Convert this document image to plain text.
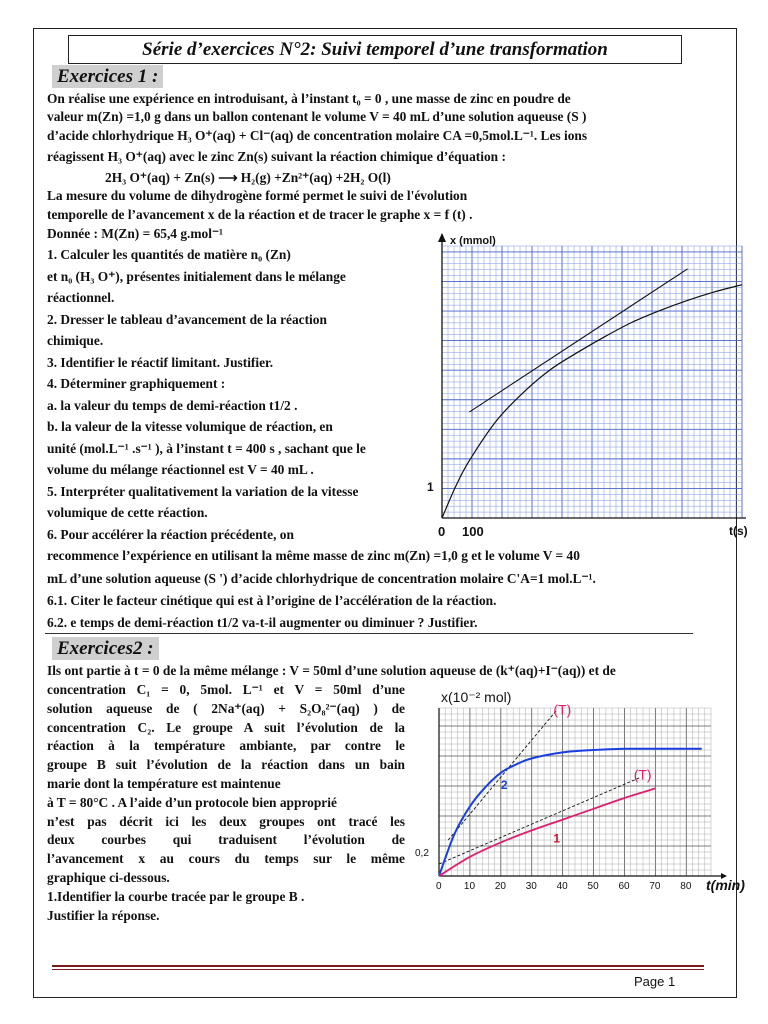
Série d’exercices N°2: Suivi temporel d’une transformation
Exercices 1 :
On réalise une expérience en introduisant, à l’instant t₀ = 0 , une masse de zinc en poudre de
valeur m(Zn) =1,0 g dans un ballon contenant le volume V = 40 mL d’une solution aqueuse (S )
d’acide chlorhydrique H₃ O⁺(aq) + Cl⁻(aq) de concentration molaire CA =0,5mol.L⁻¹. Les ions
réagissent H₃ O⁺(aq) avec le zinc Zn(s) suivant la réaction chimique d’équation :
2H₃ O⁺(aq) + Zn(s) ⟶ H₂(g) +Zn²⁺(aq) +2H₂ O(l)
La mesure du volume de dihydrogène formé permet le suivi de l'évolution
temporelle de l’avancement x de la réaction et de tracer le graphe x = f (t) .
Donnée : M(Zn) = 65,4 g.mol⁻¹
1. Calculer les quantités de matière n₀ (Zn)
et n₀ (H₃ O⁺), présentes initialement dans le mélange
réactionnel.
2. Dresser le tableau d’avancement de la réaction
chimique.
3. Identifier le réactif limitant. Justifier.
4. Déterminer graphiquement :
a. la valeur du temps de demi-réaction t1/2 .
b. la valeur de la vitesse volumique de réaction, en
unité (mol.L⁻¹ .s⁻¹ ), à l’instant t = 400 s , sachant que le
volume du mélange réactionnel est V = 40 mL .
5. Interpréter qualitativement la variation de la vitesse
volumique de cette réaction.
6. Pour accélérer la réaction précédente, on
recommence l’expérience en utilisant la même masse de zinc m(Zn) =1,0 g et le volume V = 40
mL d’une solution aqueuse (S ') d’acide chlorhydrique de concentration molaire C'A=1 mol.L⁻¹.
6.1. Citer le facteur cinétique qui est à l’origine de l’accélération de la réaction.
6.2. e temps de demi-réaction t1/2 va-t-il augmenter ou diminuer ? Justifier.
x (mmol)
t(s)
0 100
1
Exercices2 :
Ils ont partie à t = 0 de la même mélange : V = 50ml d’une solution aqueuse de (k⁺(aq)+I⁻(aq)) et de
concentration C₁ = 0, 5mol. L⁻¹ et V = 50ml d’une
solution aqueuse de ( 2Na⁺(aq) + S₂O₈²⁻(aq) ) de
concentration C₂. Le groupe A suit l’évolution de la
réaction à la température ambiante, par contre le
groupe B suit l’évolution de la réaction dans un bain
marie dont la température est maintenue
à T = 80°C . A l’aide d’un protocole bien approprié
n’est pas décrit ici les deux groupes ont tracé les
deux courbes qui traduisent l’évolution de
l’avancement x au cours du temps sur le même
graphique ci-dessous.
1.Identifier la courbe tracée par le groupe B .
Justifier la réponse.
x(10⁻² mol)
t(min)
0 10 20 30 40 50 60 70 80
0,2
(T)
(T)
2
1
Page 1
